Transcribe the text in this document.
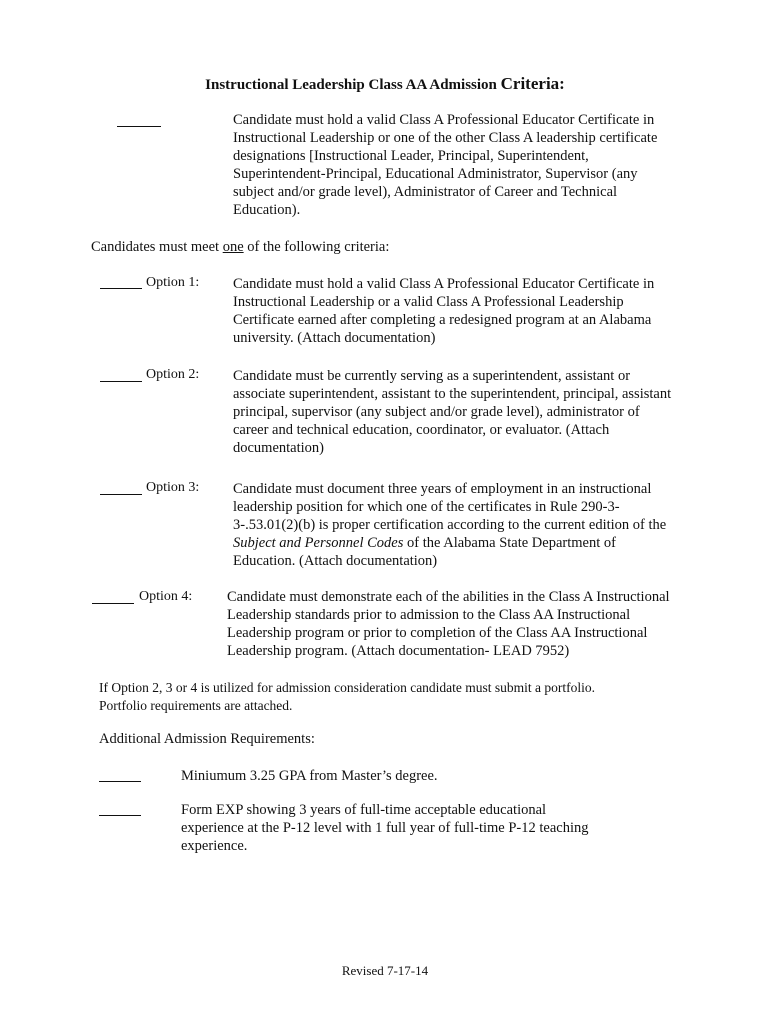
Instructional Leadership Class AA Admission Criteria:
Candidate must hold a valid Class A Professional Educator Certificate in Instructional Leadership or one of the other Class A leadership certificate designations [Instructional Leader, Principal, Superintendent, Superintendent-Principal, Educational Administrator, Supervisor (any subject and/or grade level), Administrator of Career and Technical Education).
Candidates must meet one of the following criteria:
Option 1: Candidate must hold a valid Class A Professional Educator Certificate in Instructional Leadership or a valid Class A Professional Leadership Certificate earned after completing a redesigned program at an Alabama university. (Attach documentation)
Option 2: Candidate must be currently serving as a superintendent, assistant or associate superintendent, assistant to the superintendent, principal, assistant principal, supervisor (any subject and/or grade level), administrator of career and technical education, coordinator, or evaluator. (Attach documentation)
Option 3: Candidate must document three years of employment in an instructional leadership position for which one of the certificates in Rule 290-3-3-.53.01(2)(b) is proper certification according to the current edition of the Subject and Personnel Codes of the Alabama State Department of Education. (Attach documentation)
Option 4: Candidate must demonstrate each of the abilities in the Class A Instructional Leadership standards prior to admission to the Class AA Instructional Leadership program or prior to completion of the Class AA Instructional Leadership program. (Attach documentation- LEAD 7952)
If Option 2, 3 or 4 is utilized for admission consideration candidate must submit a portfolio. Portfolio requirements are attached.
Additional Admission Requirements:
Miniumum 3.25 GPA from Master’s degree.
Form EXP showing 3 years of full-time acceptable educational experience at the P-12 level with 1 full year of full-time P-12 teaching experience.
Revised 7-17-14
